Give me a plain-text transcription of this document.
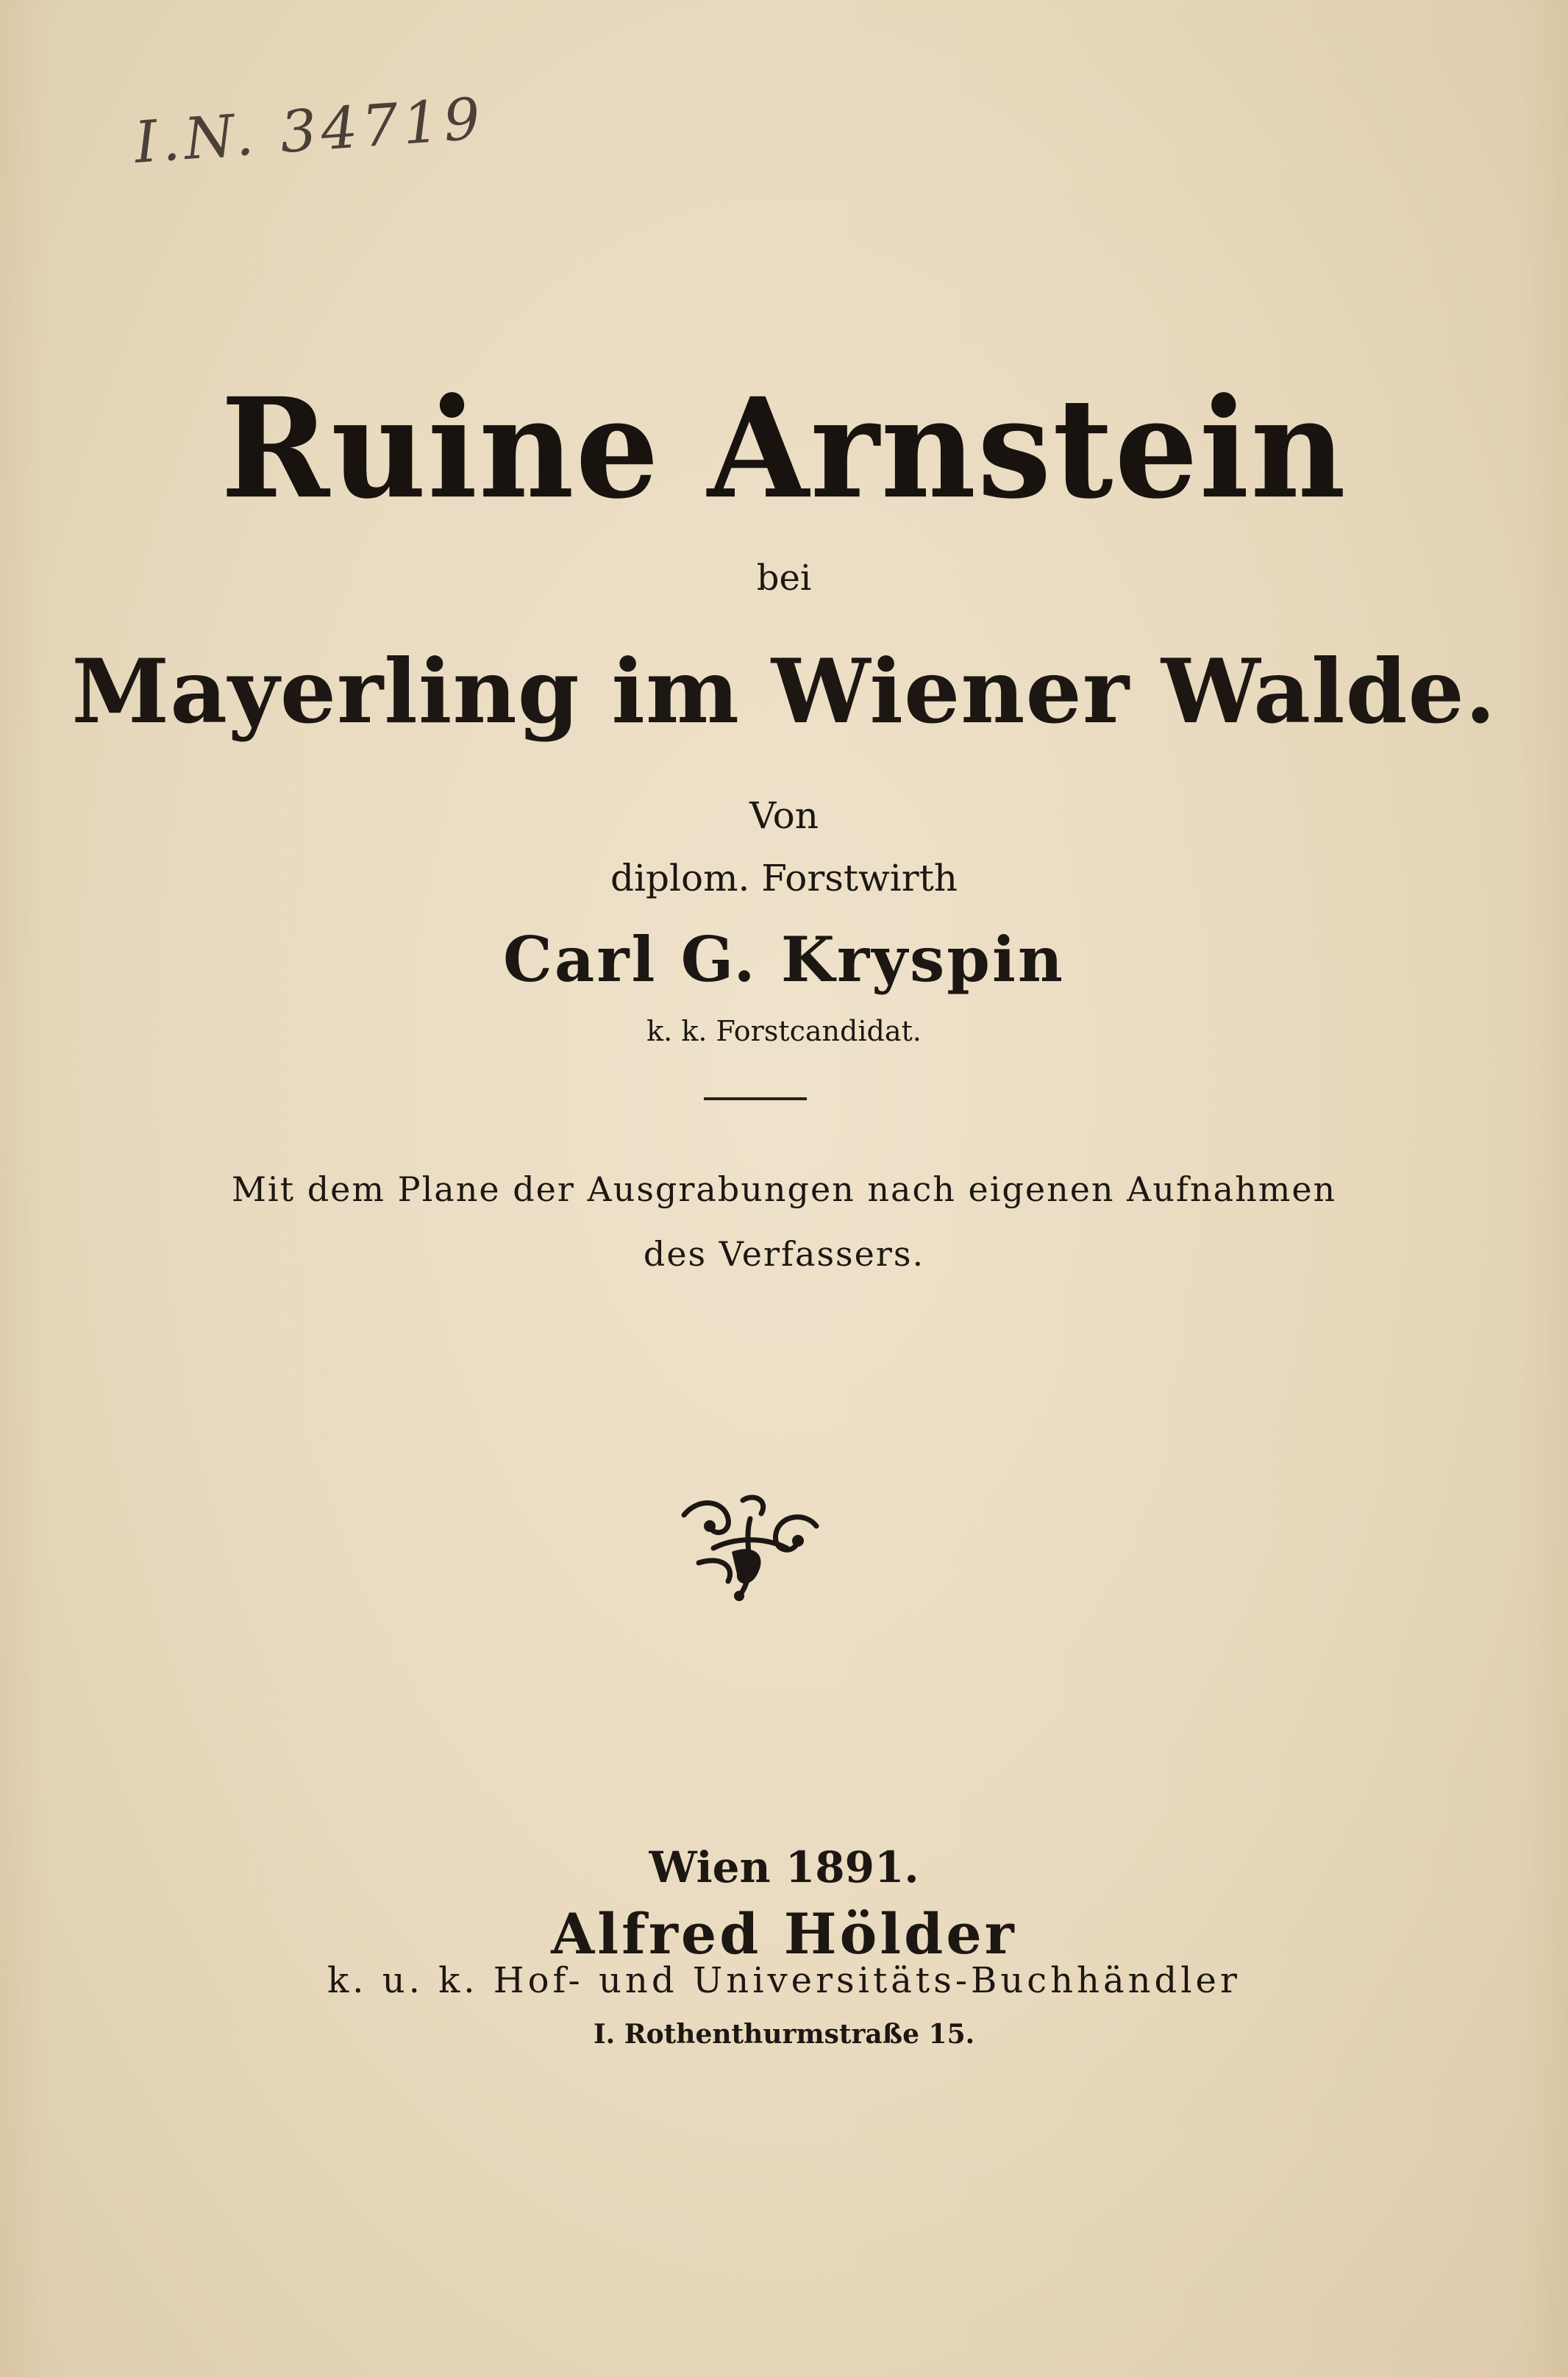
I.N. 34719
Ruine Arnstein
bei
Mayerling im Wiener Walde.
Von
diplom. Forstwirth
Carl G. Kryspin
k. k. Forstcandidat.
Mit dem Plane der Ausgrabungen nach eigenen Aufnahmen
des Verfassers.
Wien 1891.
Alfred Hölder
k. u. k. Hof- und Universitäts-Buchhändler
I. Rothenthurmstraße 15.
